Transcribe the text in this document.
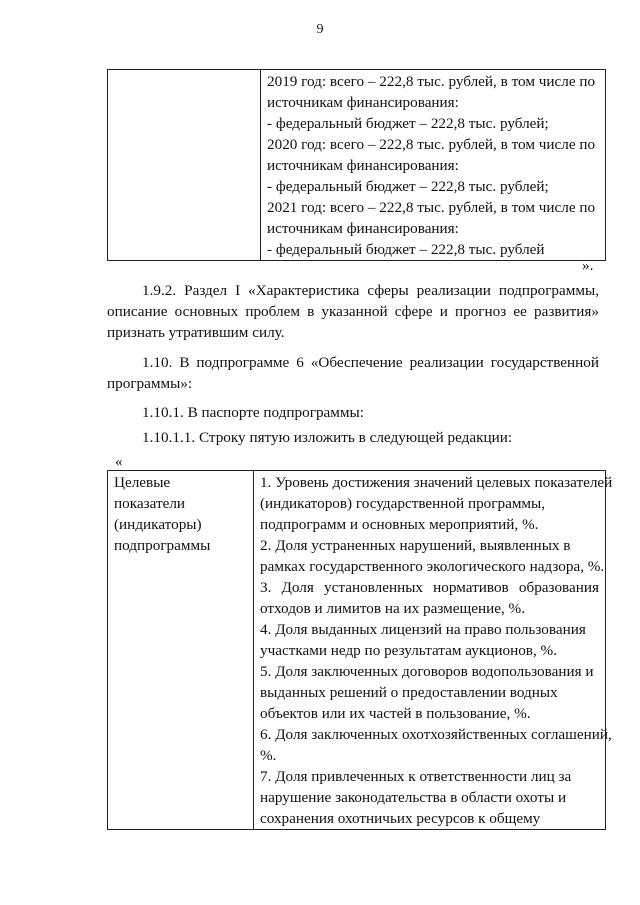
9

2019 год: всего – 222,8 тыс. рублей, в том числе по
источникам финансирования:
- федеральный бюджет – 222,8 тыс. рублей;
2020 год: всего – 222,8 тыс. рублей, в том числе по
источникам финансирования:
- федеральный бюджет – 222,8 тыс. рублей;
2021 год: всего – 222,8 тыс. рублей, в том числе по
источникам финансирования:
- федеральный бюджет – 222,8 тыс. рублей
».

1.9.2. Раздел I «Характеристика сферы реализации подпрограммы, описание основных проблем в указанной сфере и прогноз ее развития» признать утратившим силу.

1.10. В подпрограмме 6 «Обеспечение реализации государственной программы»:

1.10.1. В паспорте подпрограммы:

1.10.1.1. Строку пятую изложить в следующей редакции:

«
Целевые
показатели
(индикаторы)
подпрограммы

1. Уровень достижения значений целевых показателей
(индикаторов) государственной программы,
подпрограмм и основных мероприятий, %.
2. Доля устраненных нарушений, выявленных в
рамках государственного экологического надзора, %.
3. Доля установленных нормативов образования
отходов и лимитов на их размещение, %.
4. Доля выданных лицензий на право пользования
участками недр по результатам аукционов, %.
5. Доля заключенных договоров водопользования и
выданных решений о предоставлении водных
объектов или их частей в пользование, %.
6. Доля заключенных охотхозяйственных соглашений,
%.
7. Доля привлеченных к ответственности лиц за
нарушение законодательства в области охоты и
сохранения охотничьих ресурсов к общему
